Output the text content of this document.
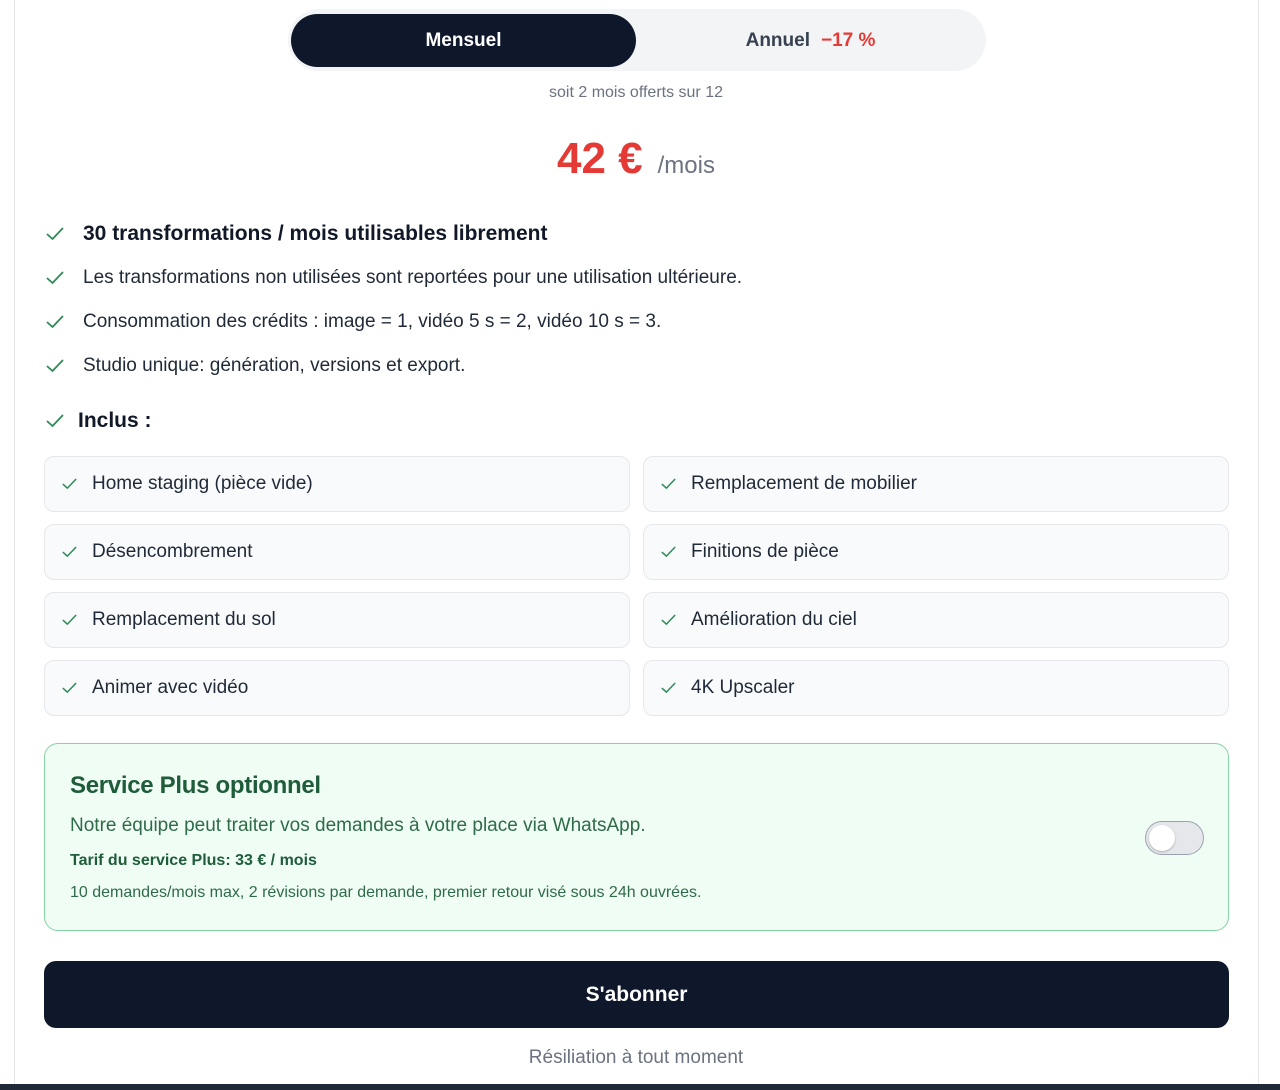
Mensuel	Annuel −17 %
soit 2 mois offerts sur 12
42 € /mois
30 transformations / mois utilisables librement
Les transformations non utilisées sont reportées pour une utilisation ultérieure.
Consommation des crédits : image = 1, vidéo 5 s = 2, vidéo 10 s = 3.
Studio unique: génération, versions et export.
Inclus :
Home staging (pièce vide)	Remplacement de mobilier
Désencombrement	Finitions de pièce
Remplacement du sol	Amélioration du ciel
Animer avec vidéo	4K Upscaler
Service Plus optionnel
Notre équipe peut traiter vos demandes à votre place via WhatsApp.
Tarif du service Plus: 33 € / mois
10 demandes/mois max, 2 révisions par demande, premier retour visé sous 24h ouvrées.
S'abonner
Résiliation à tout moment
